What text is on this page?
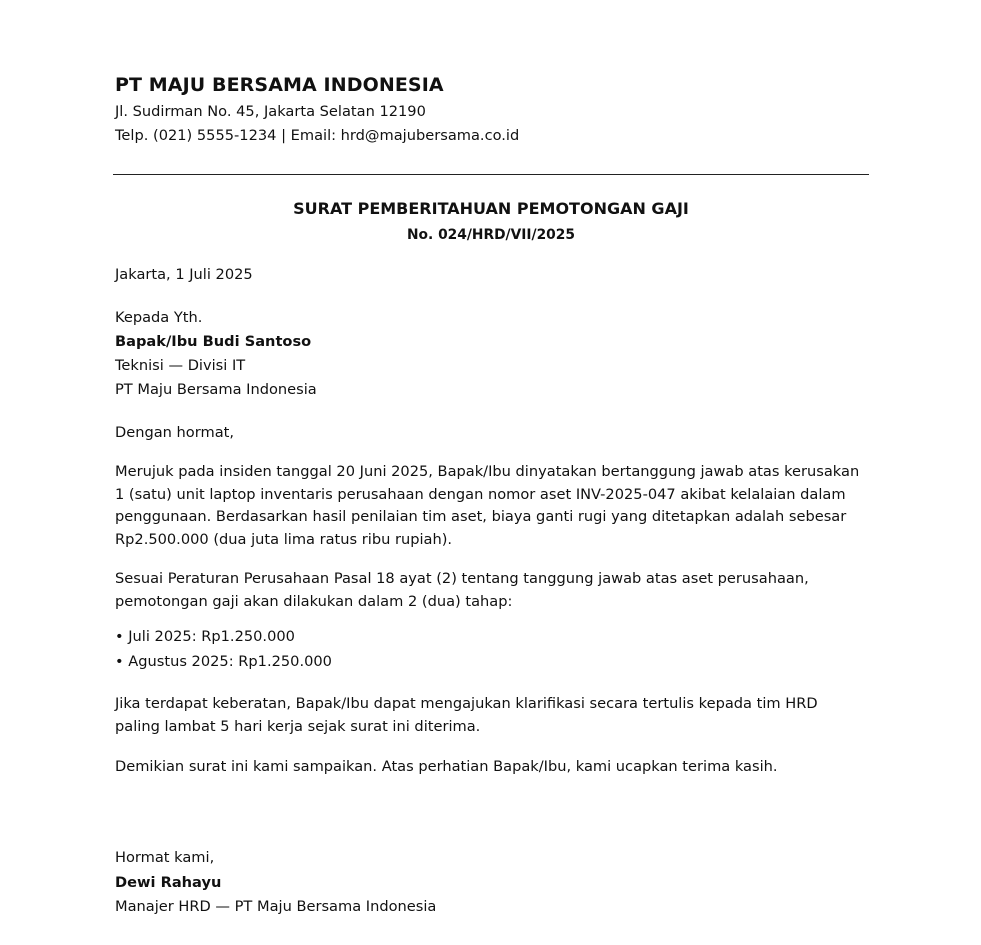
PT MAJU BERSAMA INDONESIA
Jl. Sudirman No. 45, Jakarta Selatan 12190
Telp. (021) 5555-1234 | Email: hrd@majubersama.co.id
SURAT PEMBERITAHUAN PEMOTONGAN GAJI
No. 024/HRD/VII/2025
Jakarta, 1 Juli 2025
Kepada Yth.
Bapak/Ibu Budi Santoso
Teknisi — Divisi IT
PT Maju Bersama Indonesia
Dengan hormat,
Merujuk pada insiden tanggal 20 Juni 2025, Bapak/Ibu dinyatakan bertanggung jawab atas kerusakan 1 (satu) unit laptop inventaris perusahaan dengan nomor aset INV-2025-047 akibat kelalaian dalam penggunaan. Berdasarkan hasil penilaian tim aset, biaya ganti rugi yang ditetapkan adalah sebesar Rp2.500.000 (dua juta lima ratus ribu rupiah).
Sesuai Peraturan Perusahaan Pasal 18 ayat (2) tentang tanggung jawab atas aset perusahaan, pemotongan gaji akan dilakukan dalam 2 (dua) tahap:
• Juli 2025: Rp1.250.000
• Agustus 2025: Rp1.250.000
Jika terdapat keberatan, Bapak/Ibu dapat mengajukan klarifikasi secara tertulis kepada tim HRD paling lambat 5 hari kerja sejak surat ini diterima.
Demikian surat ini kami sampaikan. Atas perhatian Bapak/Ibu, kami ucapkan terima kasih.
Hormat kami,
Dewi Rahayu
Manajer HRD — PT Maju Bersama Indonesia
